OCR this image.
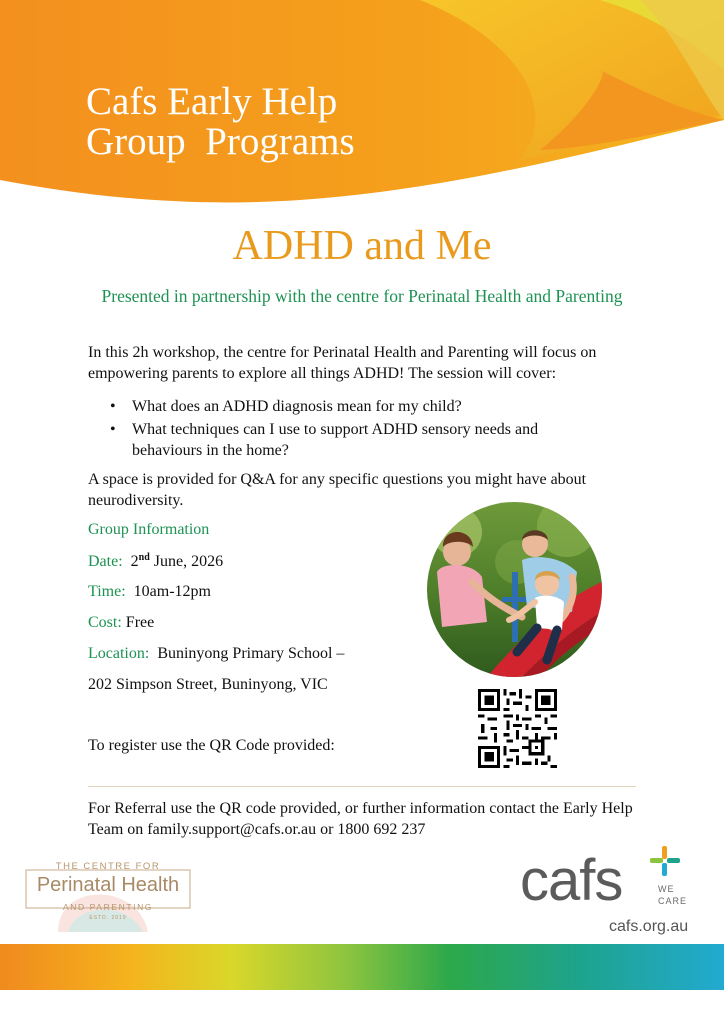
Cafs Early Help
Group  Programs
ADHD and Me
Presented in partnership with the centre for Perinatal Health and Parenting
In this 2h workshop, the centre for Perinatal Health and Parenting will focus on empowering parents to explore all things ADHD! The session will cover:
• What does an ADHD diagnosis mean for my child?
• What techniques can I use to support ADHD sensory needs and behaviours in the home?
A space is provided for Q&A for any specific questions you might have about neurodiversity.
Group Information
Date: 2nd June, 2026
Time: 10am-12pm
Cost: Free
Location: Buninyong Primary School –
202 Simpson Street, Buninyong, VIC
To register use the QR Code provided:
For Referral use the QR code provided, or further information contact the Early Help Team on family.support@cafs.or.au or 1800 692 237
THE CENTRE FOR
Perinatal Health
AND PARENTING
ESTD. 2019
cafs	WE
CARE
cafs.org.au
